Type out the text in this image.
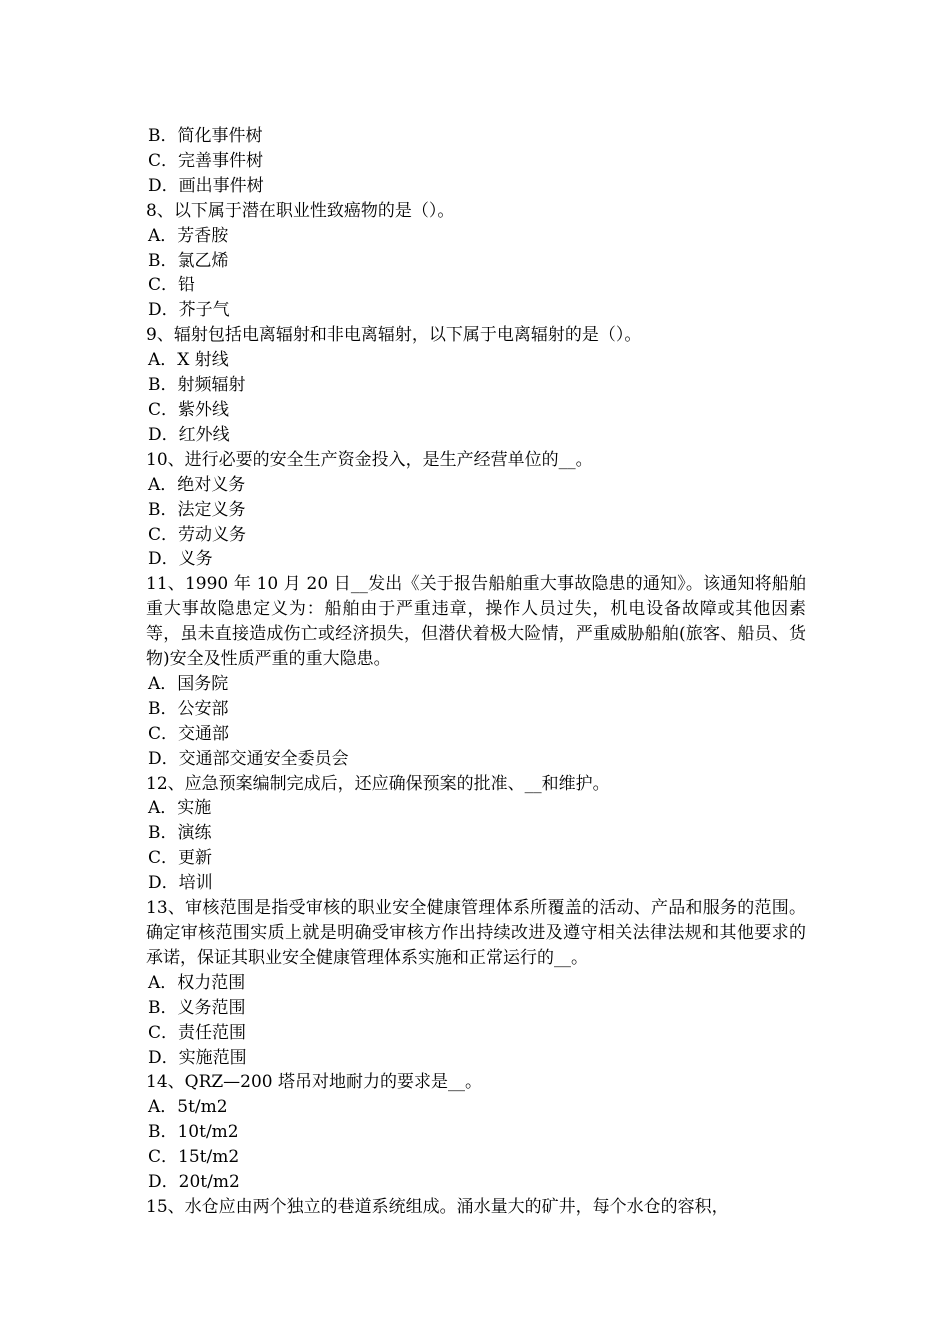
B．简化事件树
C．完善事件树
D．画出事件树
8、以下属于潜在职业性致癌物的是（）。
A．芳香胺
B．氯乙烯
C．铅
D．芥子气
9、辐射包括电离辐射和非电离辐射，以下属于电离辐射的是（）。
A．X 射线
B．射频辐射
C．紫外线
D．红外线
10、进行必要的安全生产资金投入，是生产经营单位的__。
A．绝对义务
B．法定义务
C．劳动义务
D．义务
11、1990 年 10 月 20 日__发出《关于报告船舶重大事故隐患的通知》。该通知将船舶重大事故隐患定义为：船舶由于严重违章，操作人员过失，机电设备故障或其他因素等，虽未直接造成伤亡或经济损失，但潜伏着极大险情，严重威胁船舶(旅客、船员、货物)安全及性质严重的重大隐患。
A．国务院
B．公安部
C．交通部
D．交通部交通安全委员会
12、应急预案编制完成后，还应确保预案的批准、__和维护。
A．实施
B．演练
C．更新
D．培训
13、审核范围是指受审核的职业安全健康管理体系所覆盖的活动、产品和服务的范围。确定审核范围实质上就是明确受审核方作出持续改进及遵守相关法律法规和其他要求的承诺，保证其职业安全健康管理体系实施和正常运行的__。
A．权力范围
B．义务范围
C．责任范围
D．实施范围
14、QRZ—200 塔吊对地耐力的要求是__。
A．5t/m2
B．10t/m2
C．15t/m2
D．20t/m2
15、水仓应由两个独立的巷道系统组成。涌水量大的矿井，每个水仓的容积，
